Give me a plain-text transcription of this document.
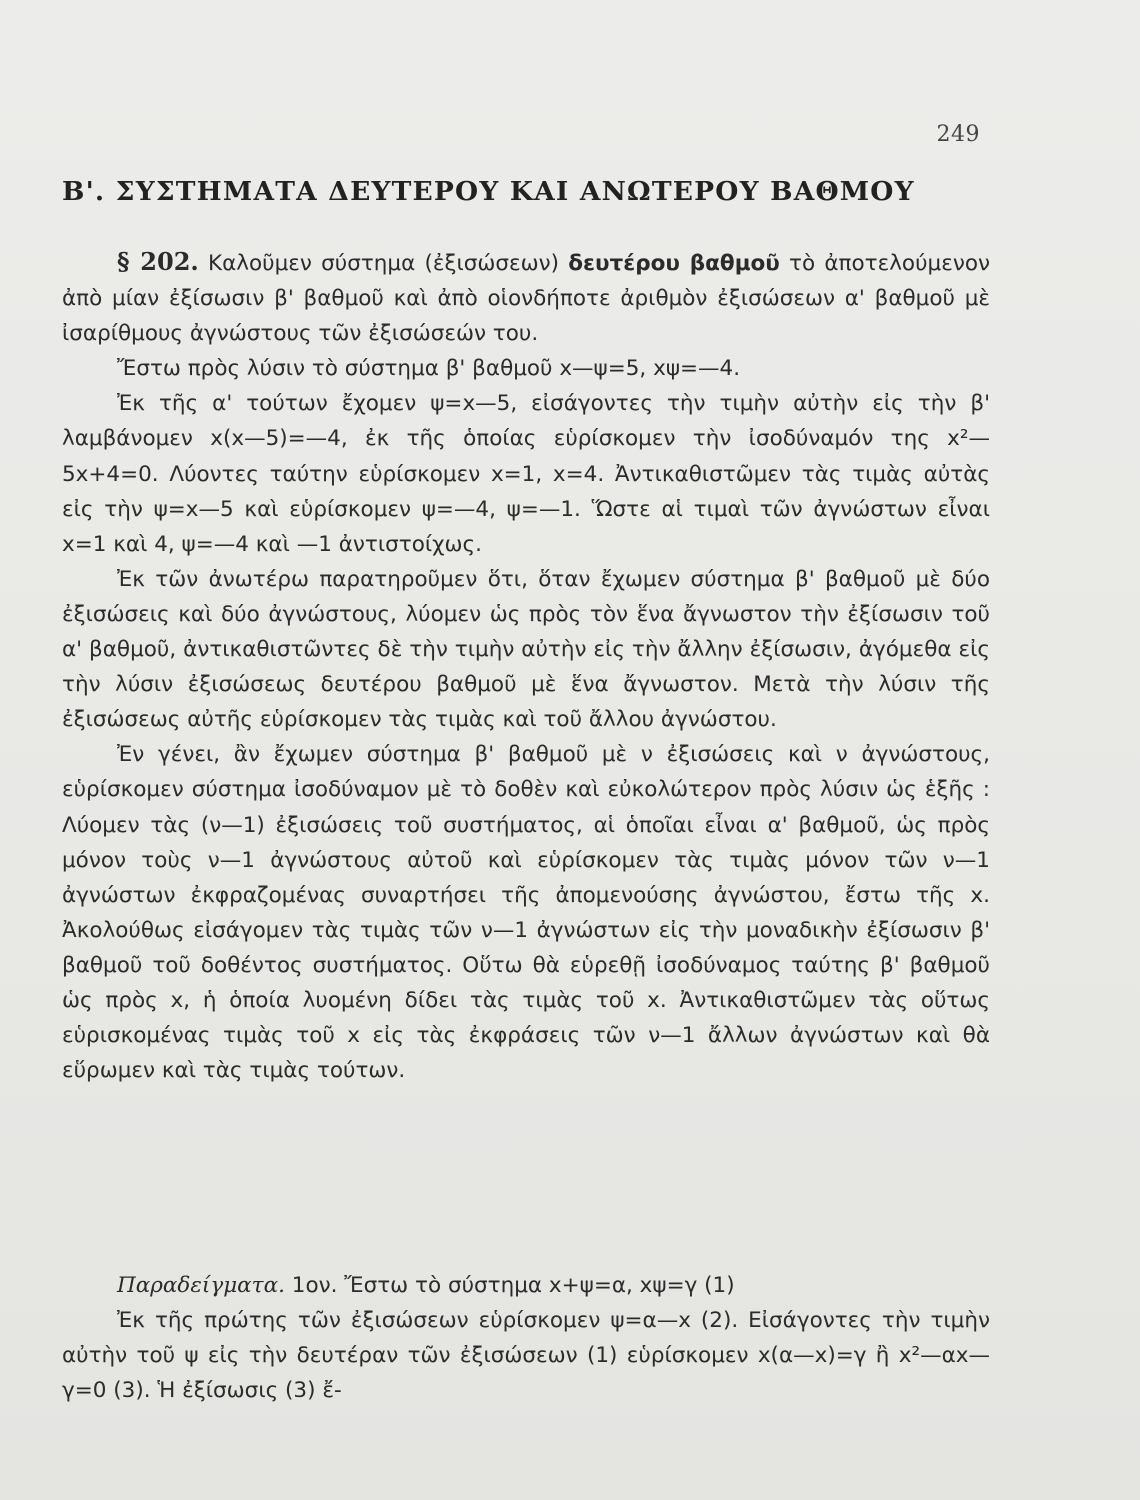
249
Β'. ΣΥΣΤΗΜΑΤΑ ΔΕΥΤΕΡΟΥ ΚΑΙ ΑΝΩΤΕΡΟΥ ΒΑΘΜΟΥ

§ 202. Καλοῦμεν σύστημα (ἐξισώσεων) δευτέρου βαθμοῦ τὸ ἀποτελούμενον ἀπὸ μίαν ἐξίσωσιν β' βαθμοῦ καὶ ἀπὸ οἱονδήποτε ἀριθμὸν ἐξισώσεων α' βαθμοῦ μὲ ἰσαρίθμους ἀγνώστους τῶν ἐξισώσεών του.

Ἔστω πρὸς λύσιν τὸ σύστημα β' βαθμοῦ x—ψ=5, xψ=—4.

Ἐκ τῆς α' τούτων ἔχομεν ψ=x—5, εἰσάγοντες τὴν τιμὴν αὐτὴν εἰς τὴν β' λαμβάνομεν x(x—5)=—4, ἐκ τῆς ὁποίας εὑρίσκομεν τὴν ἰσοδύναμόν της x²—5x+4=0. Λύοντες ταύτην εὑρίσκομεν x=1, x=4. Ἀντικαθιστῶμεν τὰς τιμὰς αὐτὰς εἰς τὴν ψ=x—5 καὶ εὑρίσκομεν ψ=—4, ψ=—1. Ὥστε αἱ τιμαὶ τῶν ἀγνώστων εἶναι x=1 καὶ 4, ψ=—4 καὶ —1 ἀντιστοίχως.

Ἐκ τῶν ἀνωτέρω παρατηροῦμεν ὅτι, ὅταν ἔχωμεν σύστημα β' βαθμοῦ μὲ δύο ἐξισώσεις καὶ δύο ἀγνώστους, λύομεν ὡς πρὸς τὸν ἕνα ἄγνωστον τὴν ἐξίσωσιν τοῦ α' βαθμοῦ, ἀντικαθιστῶντες δὲ τὴν τιμὴν αὐτὴν εἰς τὴν ἄλλην ἐξίσωσιν, ἀγόμεθα εἰς τὴν λύσιν ἐξισώσεως δευτέρου βαθμοῦ μὲ ἕνα ἄγνωστον. Μετὰ τὴν λύσιν τῆς ἐξισώσεως αὐτῆς εὑρίσκομεν τὰς τιμὰς καὶ τοῦ ἄλλου ἀγνώστου.

Ἐν γένει, ἂν ἔχωμεν σύστημα β' βαθμοῦ μὲ ν ἐξισώσεις καὶ ν ἀγνώστους, εὑρίσκομεν σύστημα ἰσοδύναμον μὲ τὸ δοθὲν καὶ εὐκολώτερον πρὸς λύσιν ὡς ἑξῆς : Λύομεν τὰς (ν—1) ἐξισώσεις τοῦ συστήματος, αἱ ὁποῖαι εἶναι α' βαθμοῦ, ὡς πρὸς μόνον τοὺς ν—1 ἀγνώστους αὐτοῦ καὶ εὑρίσκομεν τὰς τιμὰς μόνον τῶν ν—1 ἀγνώστων ἐκφραζομένας συναρτήσει τῆς ἀπομενούσης ἀγνώστου, ἔστω τῆς x. Ἀκολούθως εἰσάγομεν τὰς τιμὰς τῶν ν—1 ἀγνώστων εἰς τὴν μοναδικὴν ἐξίσωσιν β' βαθμοῦ τοῦ δοθέντος συστήματος. Οὕτω θὰ εὑρεθῇ ἰσοδύναμος ταύτης β' βαθμοῦ ὡς πρὸς x, ἡ ὁποία λυομένη δίδει τὰς τιμὰς τοῦ x. Ἀντικαθιστῶμεν τὰς οὕτως εὑρισκομένας τιμὰς τοῦ x εἰς τὰς ἐκφράσεις τῶν ν—1 ἄλλων ἀγνώστων καὶ θὰ εὕρωμεν καὶ τὰς τιμὰς τούτων.

Παραδείγματα. 1ον. Ἔστω τὸ σύστημα x+ψ=α, xψ=γ (1)

Ἐκ τῆς πρώτης τῶν ἐξισώσεων εὑρίσκομεν ψ=α—x (2). Εἰσάγοντες τὴν τιμὴν αὐτὴν τοῦ ψ εἰς τὴν δευτέραν τῶν ἐξισώσεων (1) εὑρίσκομεν x(α—x)=γ ἢ x²—αx—γ=0 (3). Ἡ ἐξίσωσις (3) ἔ-
